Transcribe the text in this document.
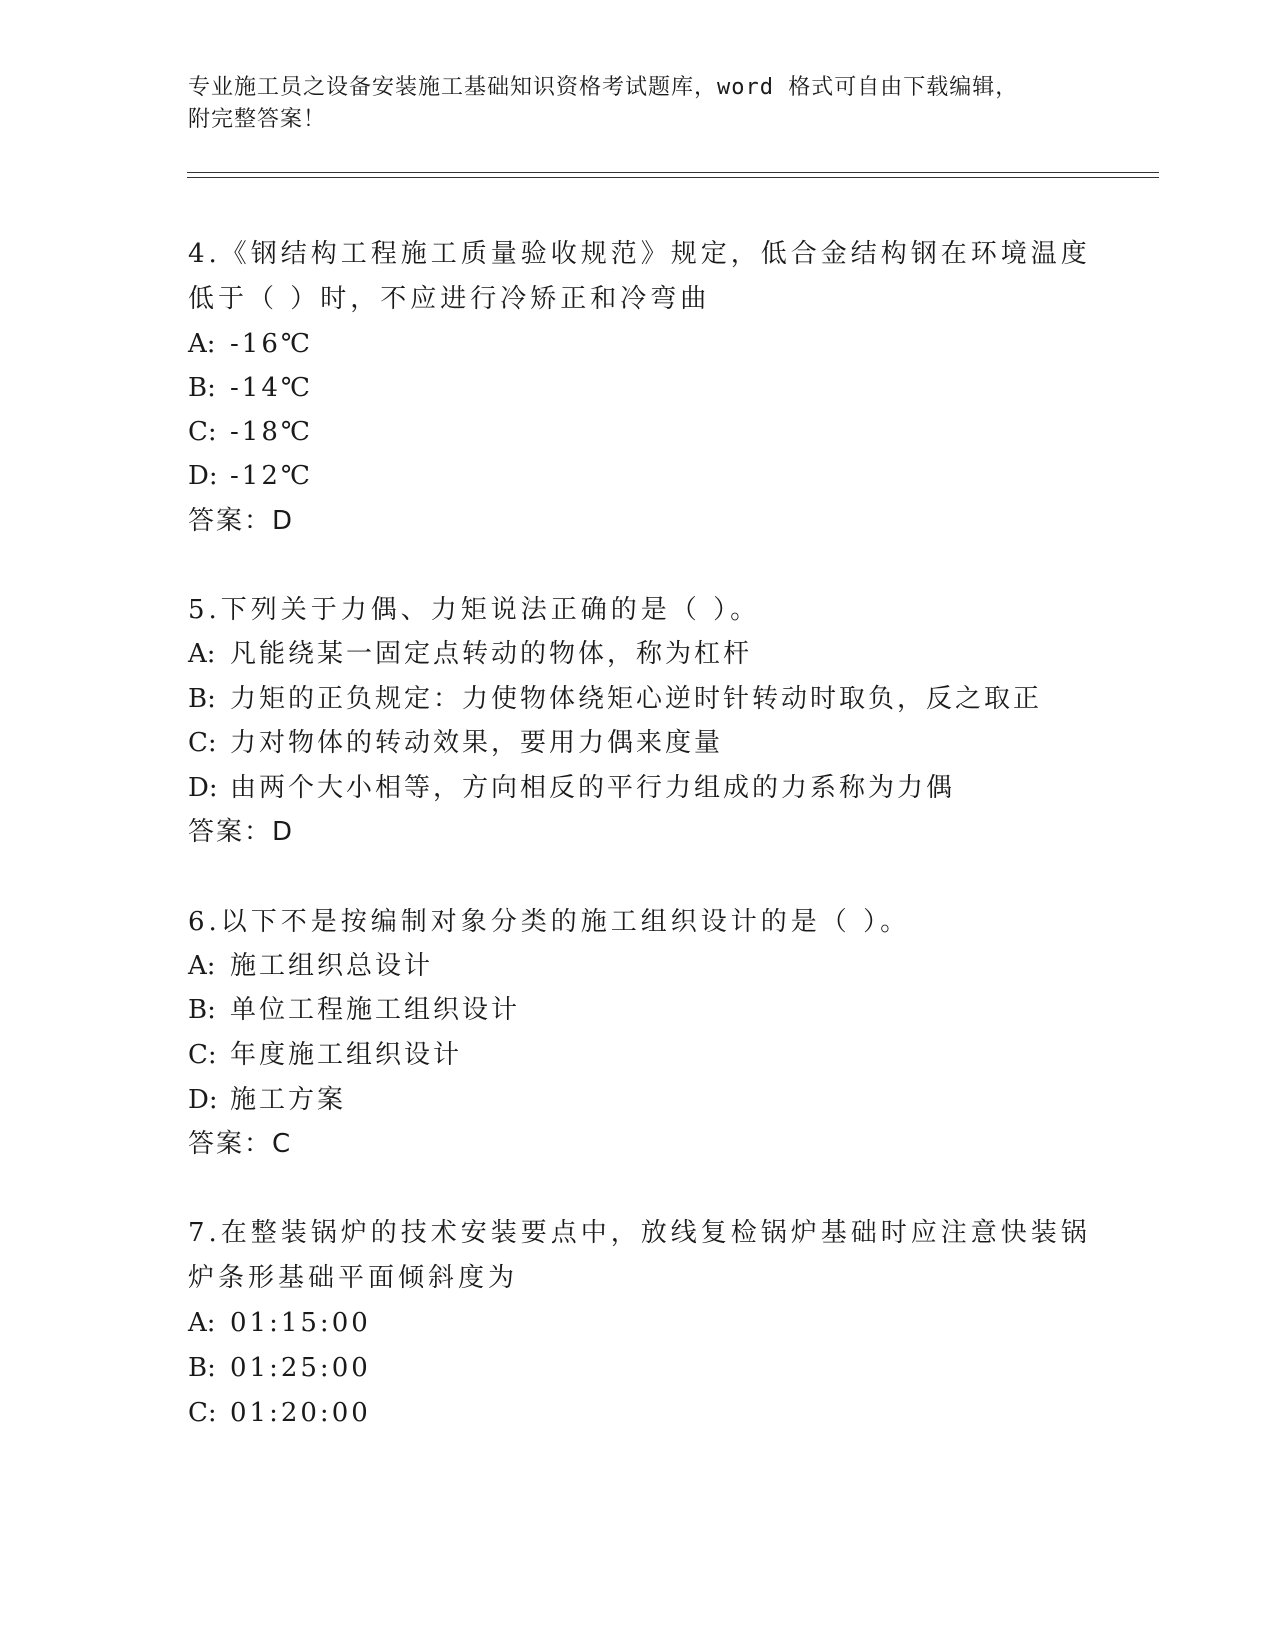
专业施工员之设备安装施工基础知识资格考试题库，word 格式可自由下载编辑，
附完整答案！
4.《钢结构工程施工质量验收规范》规定，低合金结构钢在环境温度
低于（ ）时，不应进行冷矫正和冷弯曲
A: -16℃
B: -14℃
C: -18℃
D: -12℃
答案：D
5.下列关于力偶、力矩说法正确的是（ ）。
A: 凡能绕某一固定点转动的物体，称为杠杆
B: 力矩的正负规定：力使物体绕矩心逆时针转动时取负，反之取正
C: 力对物体的转动效果，要用力偶来度量
D: 由两个大小相等，方向相反的平行力组成的力系称为力偶
答案：D
6.以下不是按编制对象分类的施工组织设计的是（ ）。
A: 施工组织总设计
B: 单位工程施工组织设计
C: 年度施工组织设计
D: 施工方案
答案：C
7.在整装锅炉的技术安装要点中，放线复检锅炉基础时应注意快装锅
炉条形基础平面倾斜度为
A: 01:15:00
B: 01:25:00
C: 01:20:00
